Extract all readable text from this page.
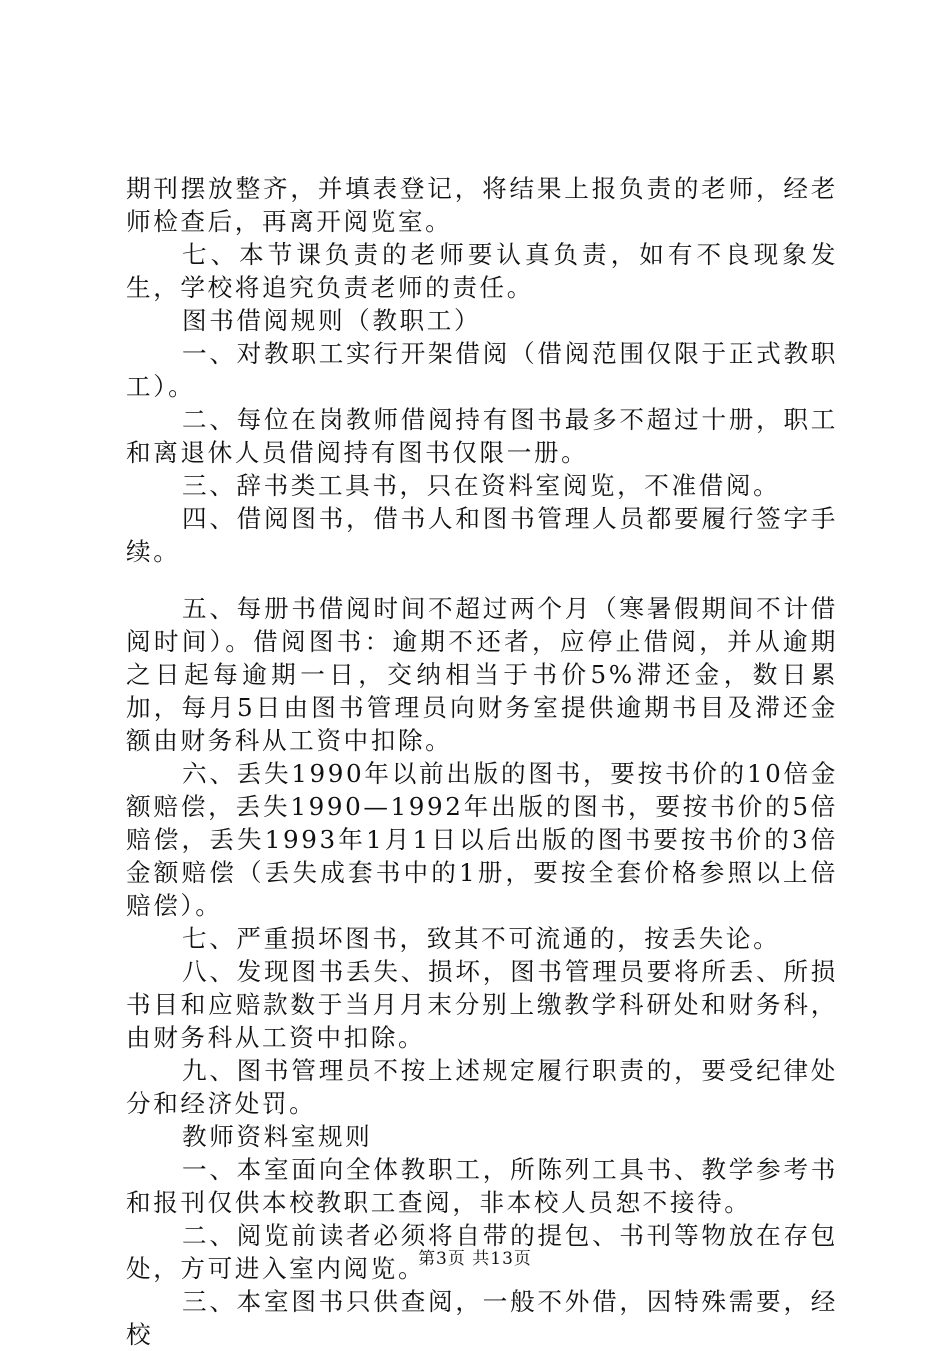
期刊摆放整齐，并填表登记，将结果上报负责的老师，经老师检查后，再离开阅览室。

七、本节课负责的老师要认真负责，如有不良现象发生，学校将追究负责老师的责任。

图书借阅规则（教职工）

一、对教职工实行开架借阅（借阅范围仅限于正式教职工）。

二、每位在岗教师借阅持有图书最多不超过十册，职工和离退休人员借阅持有图书仅限一册。

三、辞书类工具书，只在资料室阅览，不准借阅。

四、借阅图书，借书人和图书管理人员都要履行签字手续。

五、每册书借阅时间不超过两个月（寒暑假期间不计借阅时间）。借阅图书：逾期不还者，应停止借阅，并从逾期之日起每逾期一日，交纳相当于书价5%滞还金，数日累加，每月5日由图书管理员向财务室提供逾期书目及滞还金额由财务科从工资中扣除。

六、丢失1990年以前出版的图书，要按书价的10倍金额赔偿，丢失1990—1992年出版的图书，要按书价的5倍赔偿，丢失1993年1月1日以后出版的图书要按书价的3倍金额赔偿（丢失成套书中的1册，要按全套价格参照以上倍赔偿）。

七、严重损坏图书，致其不可流通的，按丢失论。

八、发现图书丢失、损坏，图书管理员要将所丢、所损书目和应赔款数于当月月末分别上缴教学科研处和财务科，由财务科从工资中扣除。

九、图书管理员不按上述规定履行职责的，要受纪律处分和经济处罚。

教师资料室规则

一、本室面向全体教职工，所陈列工具书、教学参考书和报刊仅供本校教职工查阅，非本校人员恕不接待。

二、阅览前读者必须将自带的提包、书刊等物放在存包处，方可进入室内阅览。

三、本室图书只供查阅，一般不外借，因特殊需要，经校

第3页 共13页
